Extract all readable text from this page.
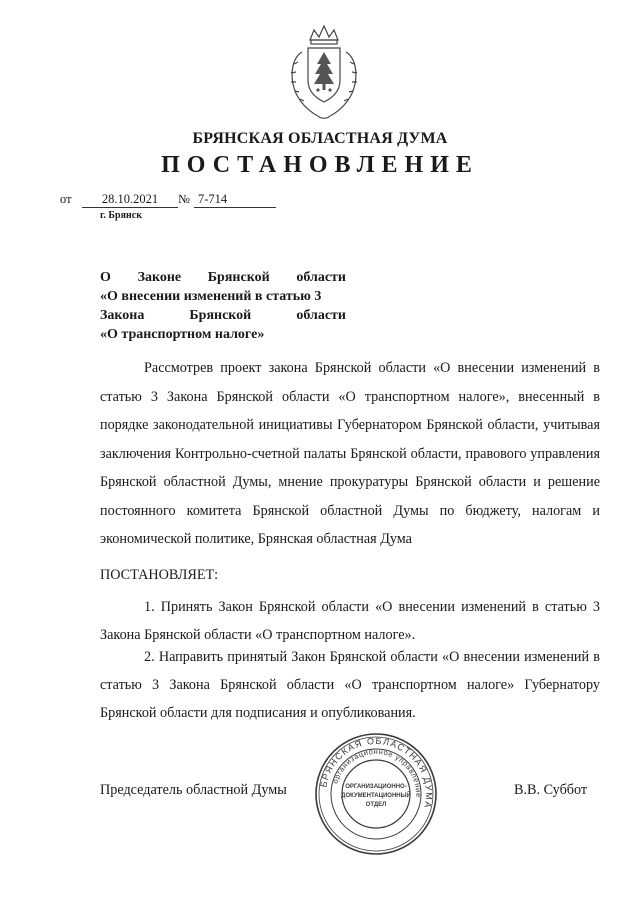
БРЯНСКАЯ ОБЛАСТНАЯ ДУМА
ПОСТАНОВЛЕНИЕ
от	28.10.2021	№ 7-714
г. Брянск
О Законе Брянской области
«О внесении изменений в статью 3
Закона	Брянской	области
«О транспортном налоге»
Рассмотрев проект закона Брянской области «О внесении изменений в статью 3 Закона Брянской области «О транспортном налоге», внесенный в порядке законодательной инициативы Губернатором Брянской области, учитывая заключения Контрольно-счетной палаты Брянской области, правового управления Брянской областной Думы, мнение прокуратуры Брянской области и решение постоянного комитета Брянской областной Думы по бюджету, налогам и экономической политике, Брянская областная Дума
ПОСТАНОВЛЯЕТ:
1. Принять Закон Брянской области «О внесении изменений в статью 3 Закона Брянской области «О транспортном налоге».
2. Направить принятый Закон Брянской области «О внесении изменений в статью 3 Закона Брянской области «О транспортном налоге» Губернатору Брянской области для подписания и опубликования.
Председатель областной Думы	БРЯНСКАЯ ОБЛАСТНАЯ ДУМА
организационное управление
ОРГАНИЗАЦИОННО-
ДОКУМЕНТАЦИОННЫЙ
ОТДЕЛ
В.В. Суббот
